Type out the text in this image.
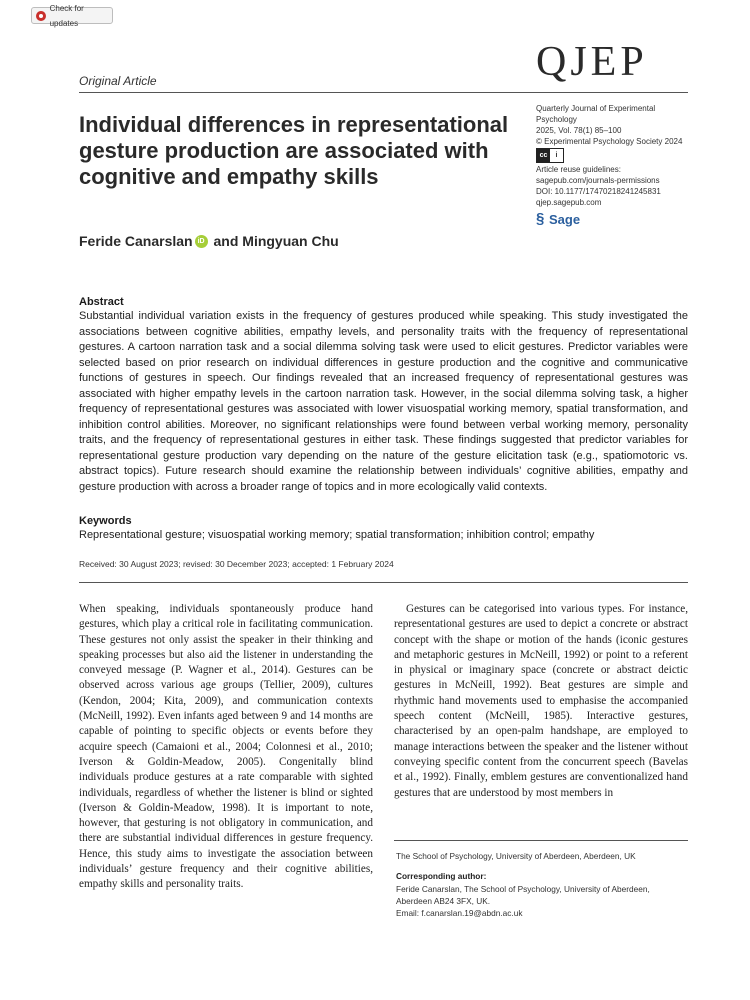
Check for updates
QJEP
Original Article
Individual differences in representational gesture production are associated with cognitive and empathy skills
Quarterly Journal of Experimental Psychology
2025, Vol. 78(1) 85–100
© Experimental Psychology Society 2024
cc	i
Article reuse guidelines:
sagepub.com/journals-permissions
DOI: 10.1177/17470218241245831
qjep.sagepub.com
§ Sage
Feride Canarslan iD and Mingyuan Chu
Abstract

Substantial individual variation exists in the frequency of gestures produced while speaking. This study investigated the associations between cognitive abilities, empathy levels, and personality traits with the frequency of representational gestures. A cartoon narration task and a social dilemma solving task were used to elicit gestures. Predictor variables were selected based on prior research on individual differences in gesture production and the cognitive and communicative functions of gestures in speech. Our findings revealed that an increased frequency of representational gestures was associated with higher empathy levels in the cartoon narration task. However, in the social dilemma solving task, a higher frequency of representational gestures was associated with lower visuospatial working memory, spatial transformation, and inhibition control abilities. Moreover, no significant relationships were found between verbal working memory, personality traits, and the frequency of representational gestures in either task. These findings suggested that predictor variables for representational gesture production vary depending on the nature of the gesture elicitation task (e.g., spatiomotoric vs. abstract topics). Future research should examine the relationship between individuals’ cognitive abilities, empathy and gesture production with across a broader range of topics and in more ecologically valid contexts.

Keywords
Representational gesture; visuospatial working memory; spatial transformation; inhibition control; empathy
Received: 30 August 2023; revised: 30 December 2023; accepted: 1 February 2024

When speaking, individuals spontaneously produce hand gestures, which play a critical role in facilitating communication. These gestures not only assist the speaker in their thinking and speaking processes but also aid the listener in understanding the conveyed message (P. Wagner et al., 2014). Gestures can be observed across various age groups (Tellier, 2009), cultures (Kendon, 2004; Kita, 2009), and communication contexts (McNeill, 1992). Even infants aged between 9 and 14 months are capable of pointing to specific objects or events before they acquire speech (Camaioni et al., 2004; Colonnesi et al., 2010; Iverson & Goldin-Meadow, 2005). Congenitally blind individuals produce gestures at a rate comparable with sighted individuals, regardless of whether the listener is blind or sighted (Iverson & Goldin-Meadow, 1998). It is important to note, however, that gesturing is not obligatory in communication, and there are substantial individual differences in gesture frequency. Hence, this study aims to investigate the association between individuals’ gesture frequency and their cognitive abilities, empathy skills and personality traits.

Gestures can be categorised into various types. For instance, representational gestures are used to depict a concrete or abstract concept with the shape or motion of the hands (iconic gestures and metaphoric gestures in McNeill, 1992) or point to a referent in physical or imaginary space (concrete or abstract deictic gestures in McNeill, 1992). Beat gestures are simple and rhythmic hand movements used to emphasise the accompanied speech content (McNeill, 1985). Interactive gestures, characterised by an open-palm handshape, are employed to manage interactions between the speaker and the listener without conveying specific content from the concurrent speech (Bavelas et al., 1992). Finally, emblem gestures are conventionalized hand gestures that are understood by most members in

The School of Psychology, University of Aberdeen, Aberdeen, UK
Corresponding author:
Feride Canarslan, The School of Psychology, University of Aberdeen,
Aberdeen AB24 3FX, UK.
Email: f.canarslan.19@abdn.ac.uk
